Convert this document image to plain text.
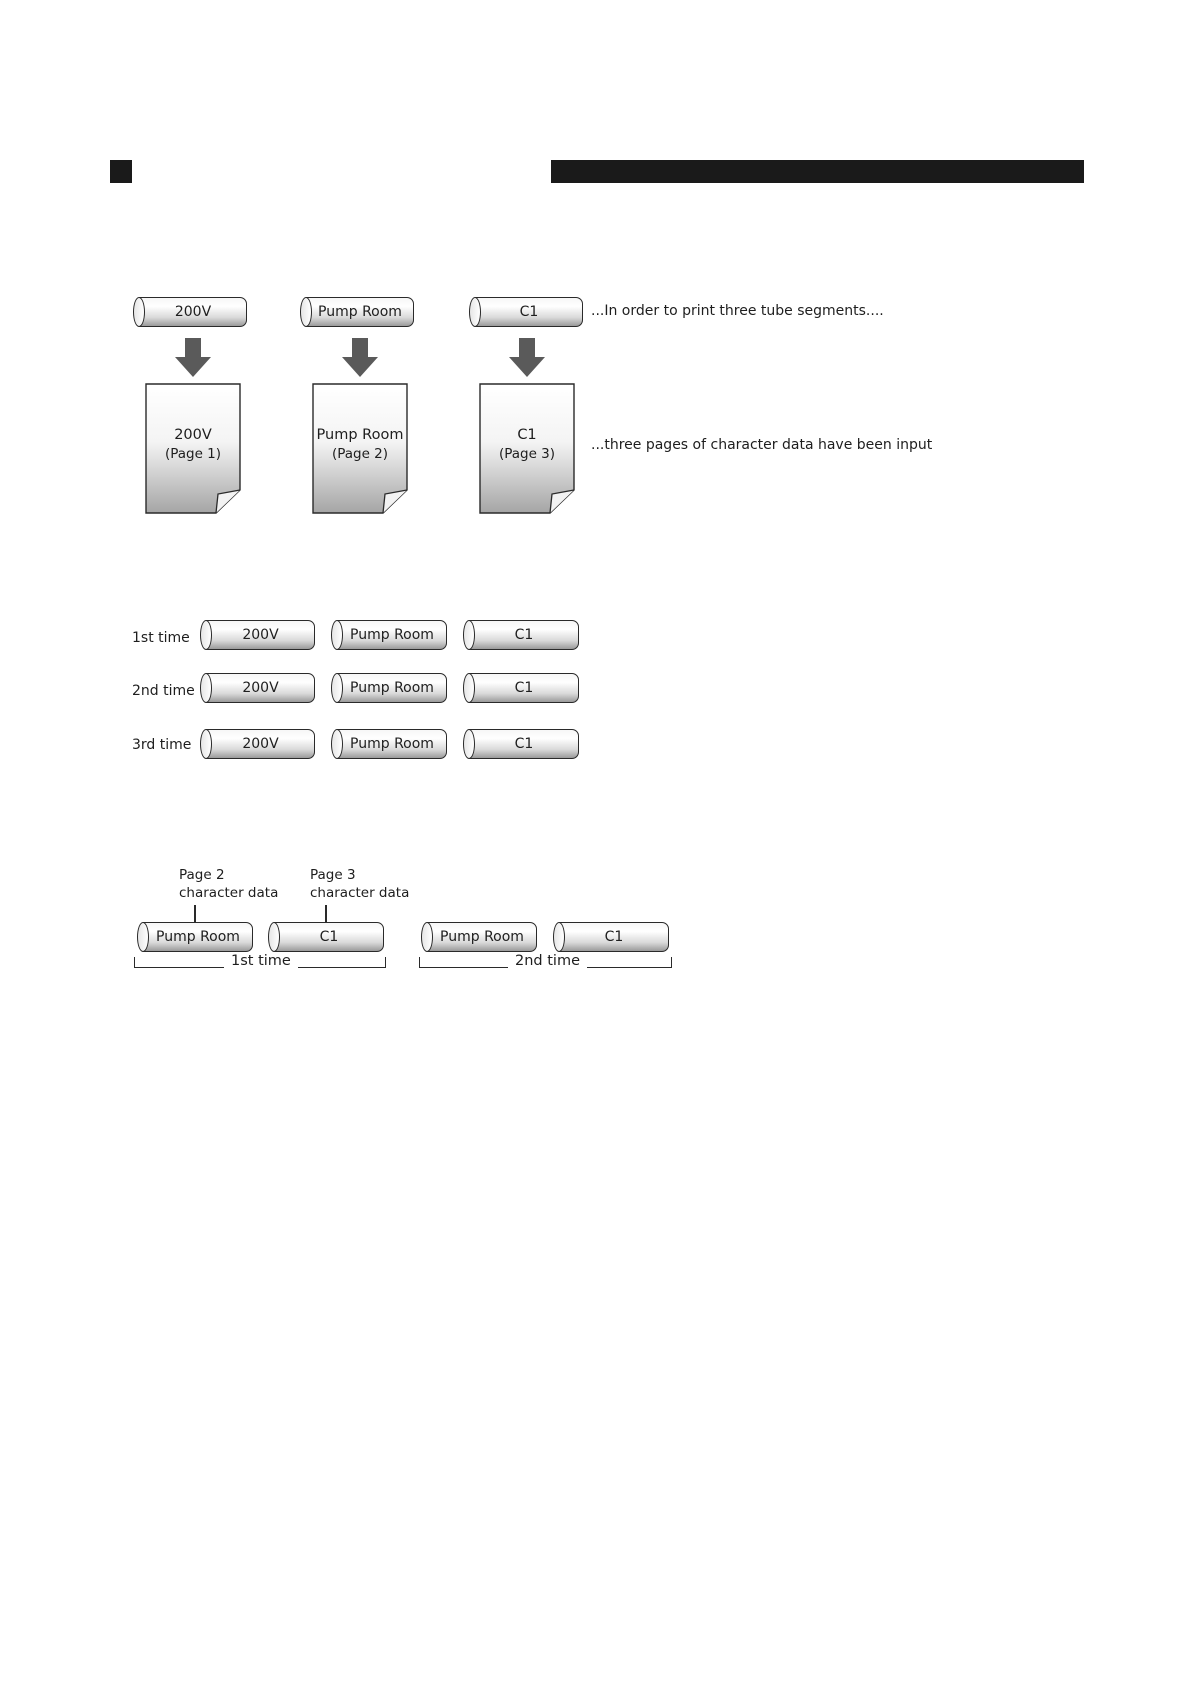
200V	Pump Room	C1	...In order to print three tube segments....
200V
(Page 1)
Pump Room
(Page 2)
C1
(Page 3)
...three pages of character data have been input
1st time	200V	Pump Room	C1
2nd time	200V	Pump Room	C1
3rd time	200V	Pump Room	C1
Page 2
character data
Page 3
character data
Pump Room	C1	Pump Room	C1
1st time	2nd time
